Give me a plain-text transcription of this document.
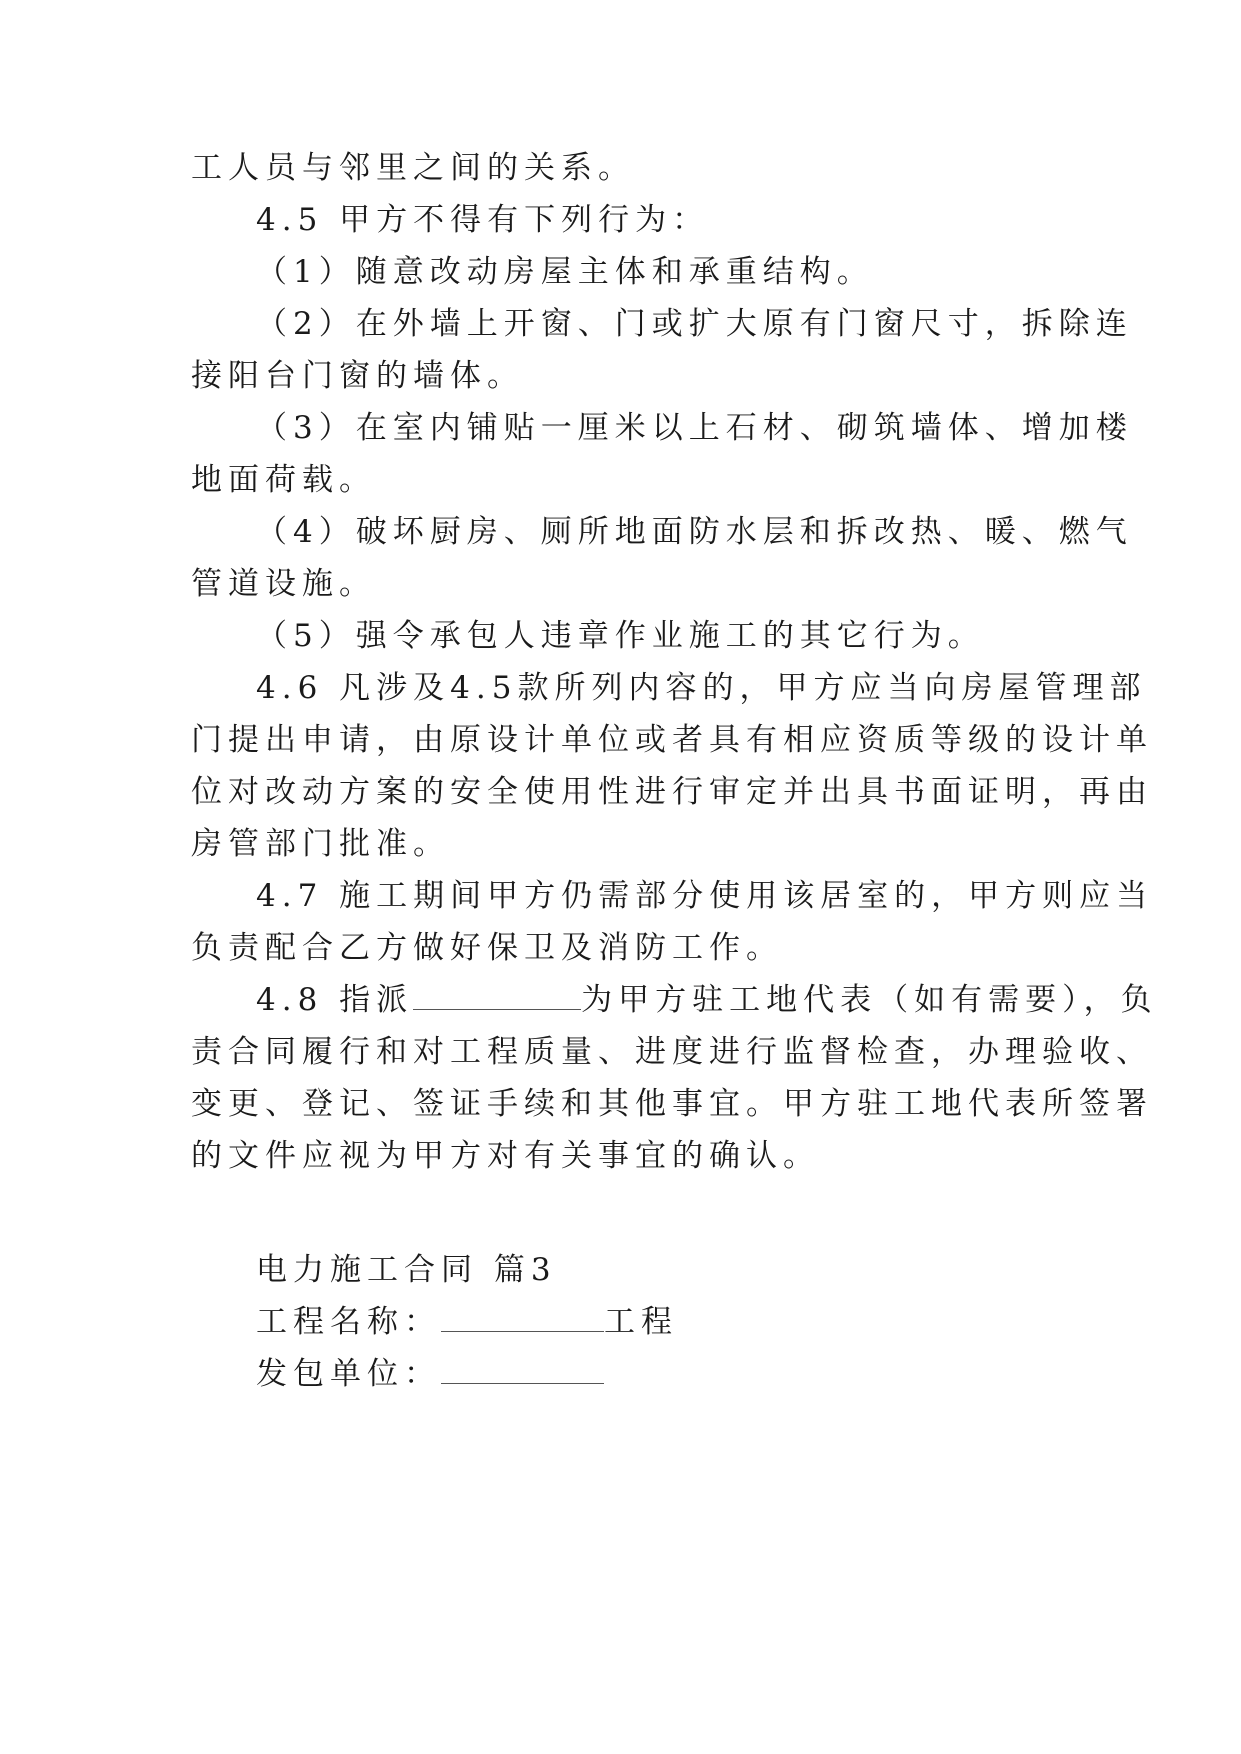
工人员与邻里之间的关系。
4.5 甲方不得有下列行为：
（1）随意改动房屋主体和承重结构。
（2）在外墙上开窗、门或扩大原有门窗尺寸，拆除连
接阳台门窗的墙体。
（3）在室内铺贴一厘米以上石材、砌筑墙体、增加楼
地面荷载。
（4）破坏厨房、厕所地面防水层和拆改热、暖、燃气
管道设施。
（5）强令承包人违章作业施工的其它行为。
4.6 凡涉及4.5款所列内容的，甲方应当向房屋管理部
门提出申请，由原设计单位或者具有相应资质等级的设计单
位对改动方案的安全使用性进行审定并出具书面证明，再由
房管部门批准。
4.7 施工期间甲方仍需部分使用该居室的，甲方则应当
负责配合乙方做好保卫及消防工作。
4.8 指派	为甲方驻工地代表（如有需要），负
责合同履行和对工程质量、进度进行监督检查，办理验收、
变更、登记、签证手续和其他事宜。甲方驻工地代表所签署
的文件应视为甲方对有关事宜的确认。
电力施工合同 篇3
工程名称：	工程
发包单位：
